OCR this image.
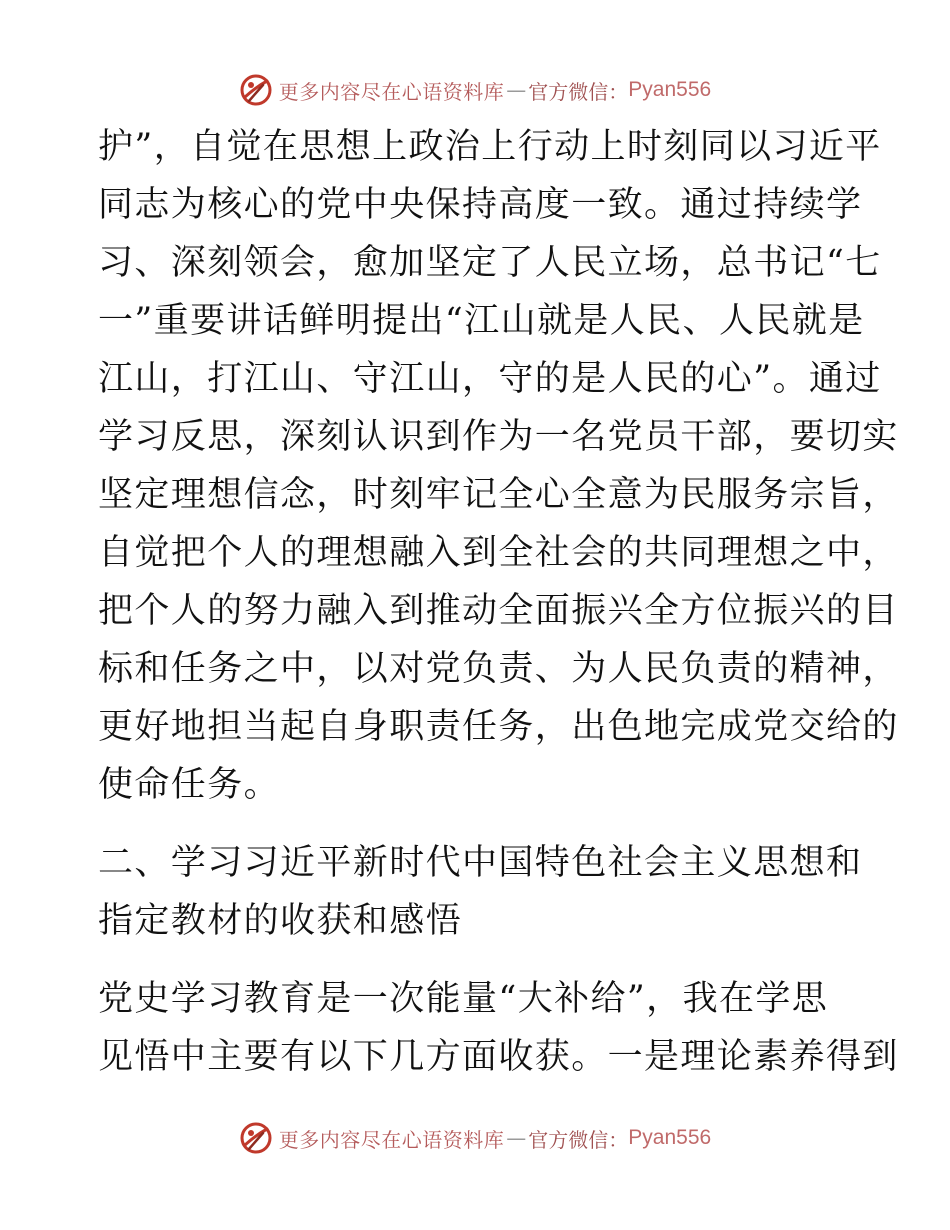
更多内容尽在心语资料库 — 官方微信： Pyan556
护”，自觉在思想上政治上行动上时刻同以习近平
同志为核心的党中央保持高度一致。通过持续学
习、深刻领会，愈加坚定了人民立场，总书记“七
一”重要讲话鲜明提出“江山就是人民、人民就是
江山，打江山、守江山，守的是人民的心”。通过
学习反思，深刻认识到作为一名党员干部，要切实
坚定理想信念，时刻牢记全心全意为民服务宗旨，
自觉把个人的理想融入到全社会的共同理想之中，
把个人的努力融入到推动全面振兴全方位振兴的目
标和任务之中，以对党负责、为人民负责的精神，
更好地担当起自身职责任务，出色地完成党交给的
使命任务。
二、学习习近平新时代中国特色社会主义思想和
指定教材的收获和感悟
党史学习教育是一次能量“大补给”，我在学思
见悟中主要有以下几方面收获。一是理论素养得到
更多内容尽在心语资料库 — 官方微信： Pyan556
